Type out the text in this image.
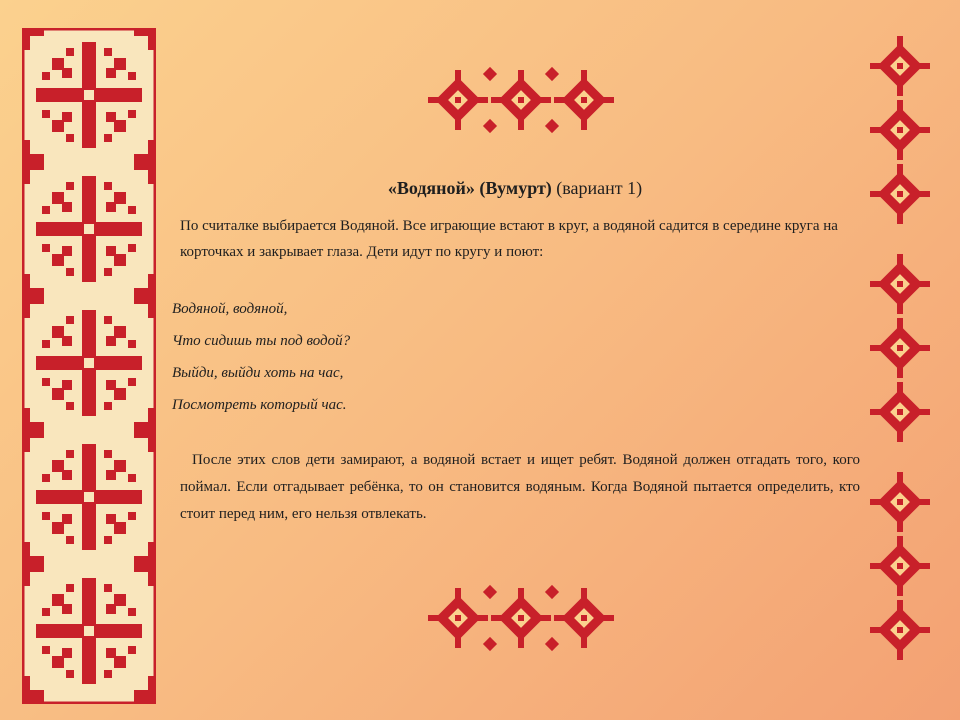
«Водяной» (Вумурт) (вариант 1)

По считалке выбирается Водяной. Все играющие встают в круг, а водяной садится в середине круга на корточках и закрывает глаза. Дети идут по кругу и поют:

Водяной, водяной,
Что сидишь ты под водой?
Выйди, выйди хоть на час,
Посмотреть который час.

После этих слов дети замирают, а водяной встает и ищет ребят. Водяной должен отгадать того, кого поймал. Если отгадывает ребёнка, то он становится водяным. Когда Водяной пытается определить, кто стоит перед ним, его нельзя отвлекать.
